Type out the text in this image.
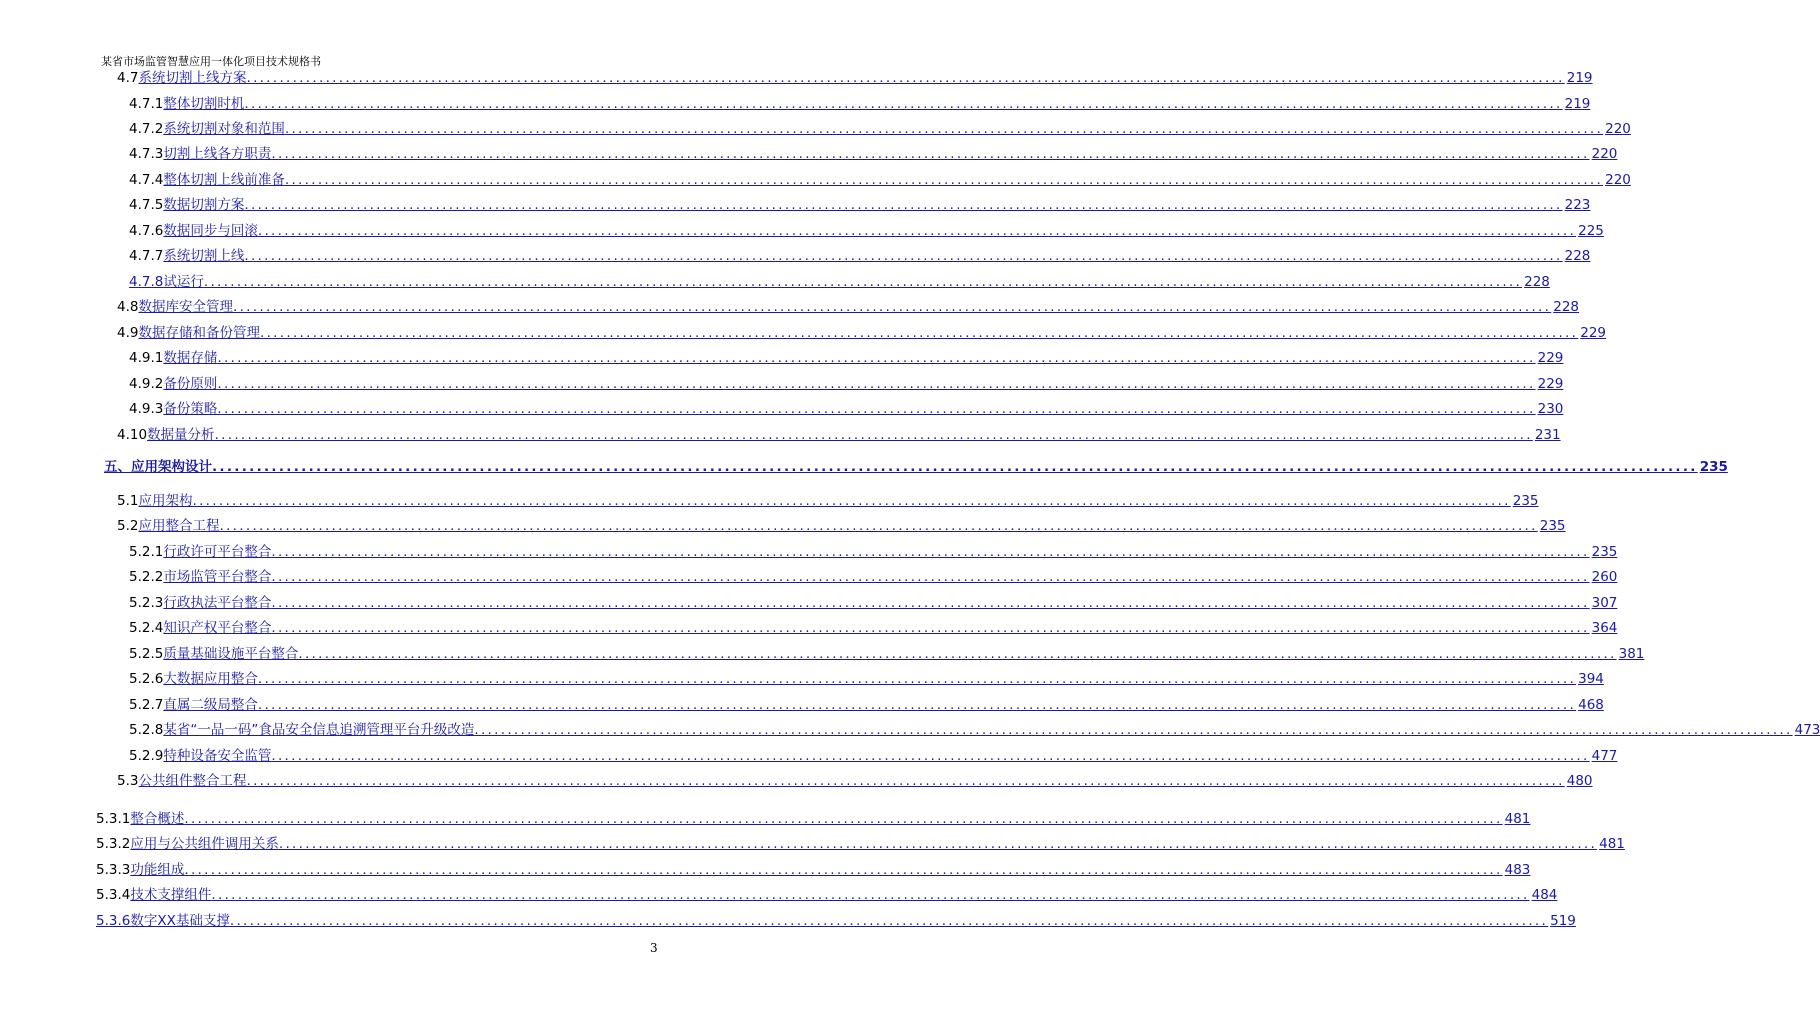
某省市场监管智慧应用一体化项目技术规格书
4.7 系统切割上线方案 ........................................................................................................................................................................................................ 219
4.7.1 整体切割时机 ........................................................................................................................................................................................................ 219
4.7.2 系统切割对象和范围 ........................................................................................................................................................................................................ 220
4.7.3 切割上线各方职责 ........................................................................................................................................................................................................ 220
4.7.4 整体切割上线前准备 ........................................................................................................................................................................................................ 220
4.7.5 数据切割方案 ........................................................................................................................................................................................................ 223
4.7.6 数据同步与回滚 ........................................................................................................................................................................................................ 225
4.7.7 系统切割上线 ........................................................................................................................................................................................................ 228
4.7.8 试运行 ........................................................................................................................................................................................................ 228
4.8 数据库安全管理 ........................................................................................................................................................................................................ 228
4.9 数据存储和备份管理 ........................................................................................................................................................................................................ 229
4.9.1 数据存储 ........................................................................................................................................................................................................ 229
4.9.2 备份原则 ........................................................................................................................................................................................................ 229
4.9.3 备份策略 ........................................................................................................................................................................................................ 230
4.10 数据量分析 ........................................................................................................................................................................................................ 231
五、 应用架构设计 ........................................................................................................................................................................................................ 235
5.1 应用架构 ........................................................................................................................................................................................................ 235
5.2 应用整合工程 ........................................................................................................................................................................................................ 235
5.2.1 行政许可平台整合 ........................................................................................................................................................................................................ 235
5.2.2 市场监管平台整合 ........................................................................................................................................................................................................ 260
5.2.3 行政执法平台整合 ........................................................................................................................................................................................................ 307
5.2.4 知识产权平台整合 ........................................................................................................................................................................................................ 364
5.2.5 质量基础设施平台整合 ........................................................................................................................................................................................................ 381
5.2.6 大数据应用整合 ........................................................................................................................................................................................................ 394
5.2.7 直属二级局整合 ........................................................................................................................................................................................................ 468
5.2.8 某省“一品一码”食品安全信息追溯管理平台升级改造 ........................................................................................................................................................................................................ 473
5.2.9 特种设备安全监管 ........................................................................................................................................................................................................ 477
5.3 公共组件整合工程 ........................................................................................................................................................................................................ 480
5.3.1 整合概述 ........................................................................................................................................................................................................ 481
5.3.2 应用与公共组件调用关系 ........................................................................................................................................................................................................ 481
5.3.3 功能组成 ........................................................................................................................................................................................................ 483
5.3.4 技术支撑组件 ........................................................................................................................................................................................................ 484
5.3.6 数字XX基础支撑 ........................................................................................................................................................................................................ 519
3
